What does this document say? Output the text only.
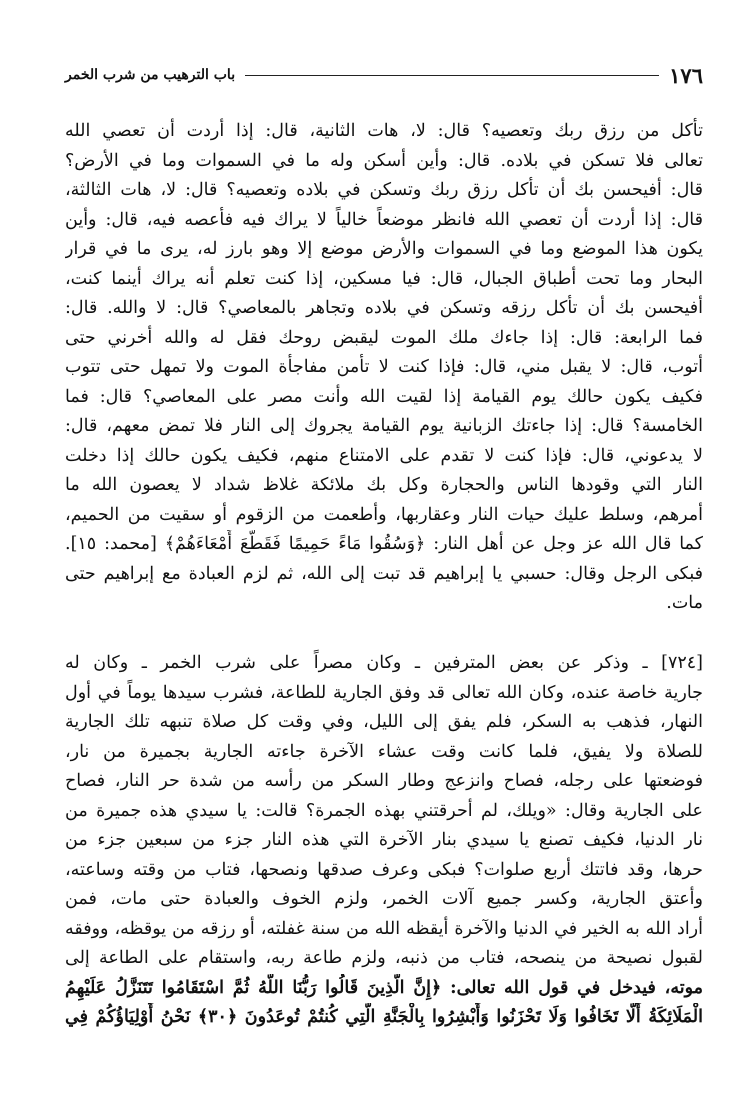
١٧٦
باب الترهيب من شرب الخمر
تأكل من رزق ربك وتعصيه؟ قال: لا، هات الثانية، قال: إذا أردت أن تعصي الله
تعالى فلا تسكن في بلاده. قال: وأين أسكن وله ما في السموات وما في الأرض؟
قال: أفيحسن بك أن تأكل رزق ربك وتسكن في بلاده وتعصيه؟ قال: لا، هات الثالثة،
قال: إذا أردت أن تعصي الله فانظر موضعاً خالياً لا يراك فيه فأعصه فيه، قال: وأين
يكون هذا الموضع وما في السموات والأرض موضع إلا وهو بارز له، يرى ما في قرار
البحار وما تحت أطباق الجبال، قال: فيا مسكين، إذا كنت تعلم أنه يراك أينما كنت،
أفيحسن بك أن تأكل رزقه وتسكن في بلاده وتجاهر بالمعاصي؟ قال: لا والله. قال:
فما الرابعة: قال: إذا جاءك ملك الموت ليقبض روحك فقل له والله أخرني حتى
أتوب، قال: لا يقبل مني، قال: فإذا كنت لا تأمن مفاجأة الموت ولا تمهل حتى تتوب
فكيف يكون حالك يوم القيامة إذا لقيت الله وأنت مصر على المعاصي؟ قال: فما
الخامسة؟ قال: إذا جاءتك الزبانية يوم القيامة يجروك إلى النار فلا تمض معهم، قال:
لا يدعوني، قال: فإذا كنت لا تقدم على الامتناع منهم، فكيف يكون حالك إذا دخلت
النار التي وقودها الناس والحجارة وكل بك ملائكة غلاظ شداد لا يعصون الله ما
أمرهم، وسلط عليك حيات النار وعقاربها، وأطعمت من الزقوم أو سقيت من الحميم،
كما قال الله عز وجل عن أهل النار: ﴿وَسُقُوا مَاءً حَمِيمًا فَقَطَّعَ أَمْعَاءَهُمْ﴾ [محمد: ١٥].
فبكى الرجل وقال: حسبي يا إبراهيم قد تبت إلى الله، ثم لزم العبادة مع إبراهيم حتى
مات.
[٧٢٤] ـ وذكر عن بعض المترفين ـ وكان مصراً على شرب الخمر ـ وكان له
جارية خاصة عنده، وكان الله تعالى قد وفق الجارية للطاعة، فشرب سيدها يوماً في أول
النهار، فذهب به السكر، فلم يفق إلى الليل، وفي وقت كل صلاة تنبهه تلك الجارية
للصلاة ولا يفيق، فلما كانت وقت عشاء الآخرة جاءته الجارية بجميرة من نار،
فوضعتها على رجله، فصاح وانزعج وطار السكر من رأسه من شدة حر النار، فصاح
على الجارية وقال: «ويلك، لم أحرقتني بهذه الجمرة؟ قالت: يا سيدي هذه جميرة من
نار الدنيا، فكيف تصنع يا سيدي بنار الآخرة التي هذه النار جزء من سبعين جزء من
حرها، وقد فاتتك أربع صلوات؟ فبكى وعرف صدقها ونصحها، فتاب من وقته وساعته،
وأعتق الجارية، وكسر جميع آلات الخمر، ولزم الخوف والعبادة حتى مات، فمن
أراد الله به الخير في الدنيا والآخرة أيقظه الله من سنة غفلته، أو رزقه من يوقظه، ووفقه
لقبول نصيحة من ينصحه، فتاب من ذنبه، ولزم طاعة ربه، واستقام على الطاعة إلى
موته، فيدخل في قول الله تعالى: ﴿إِنَّ الَّذِينَ قَالُوا رَبُّنَا اللَّهُ ثُمَّ اسْتَقَامُوا تَتَنَزَّلُ عَلَيْهِمُ
الْمَلَائِكَةُ أَلَّا تَخَافُوا وَلَا تَحْزَنُوا وَأَبْشِرُوا بِالْجَنَّةِ الَّتِي كُنتُمْ تُوعَدُونَ ﴿٣٠﴾ نَحْنُ أَوْلِيَاؤُكُمْ فِي
